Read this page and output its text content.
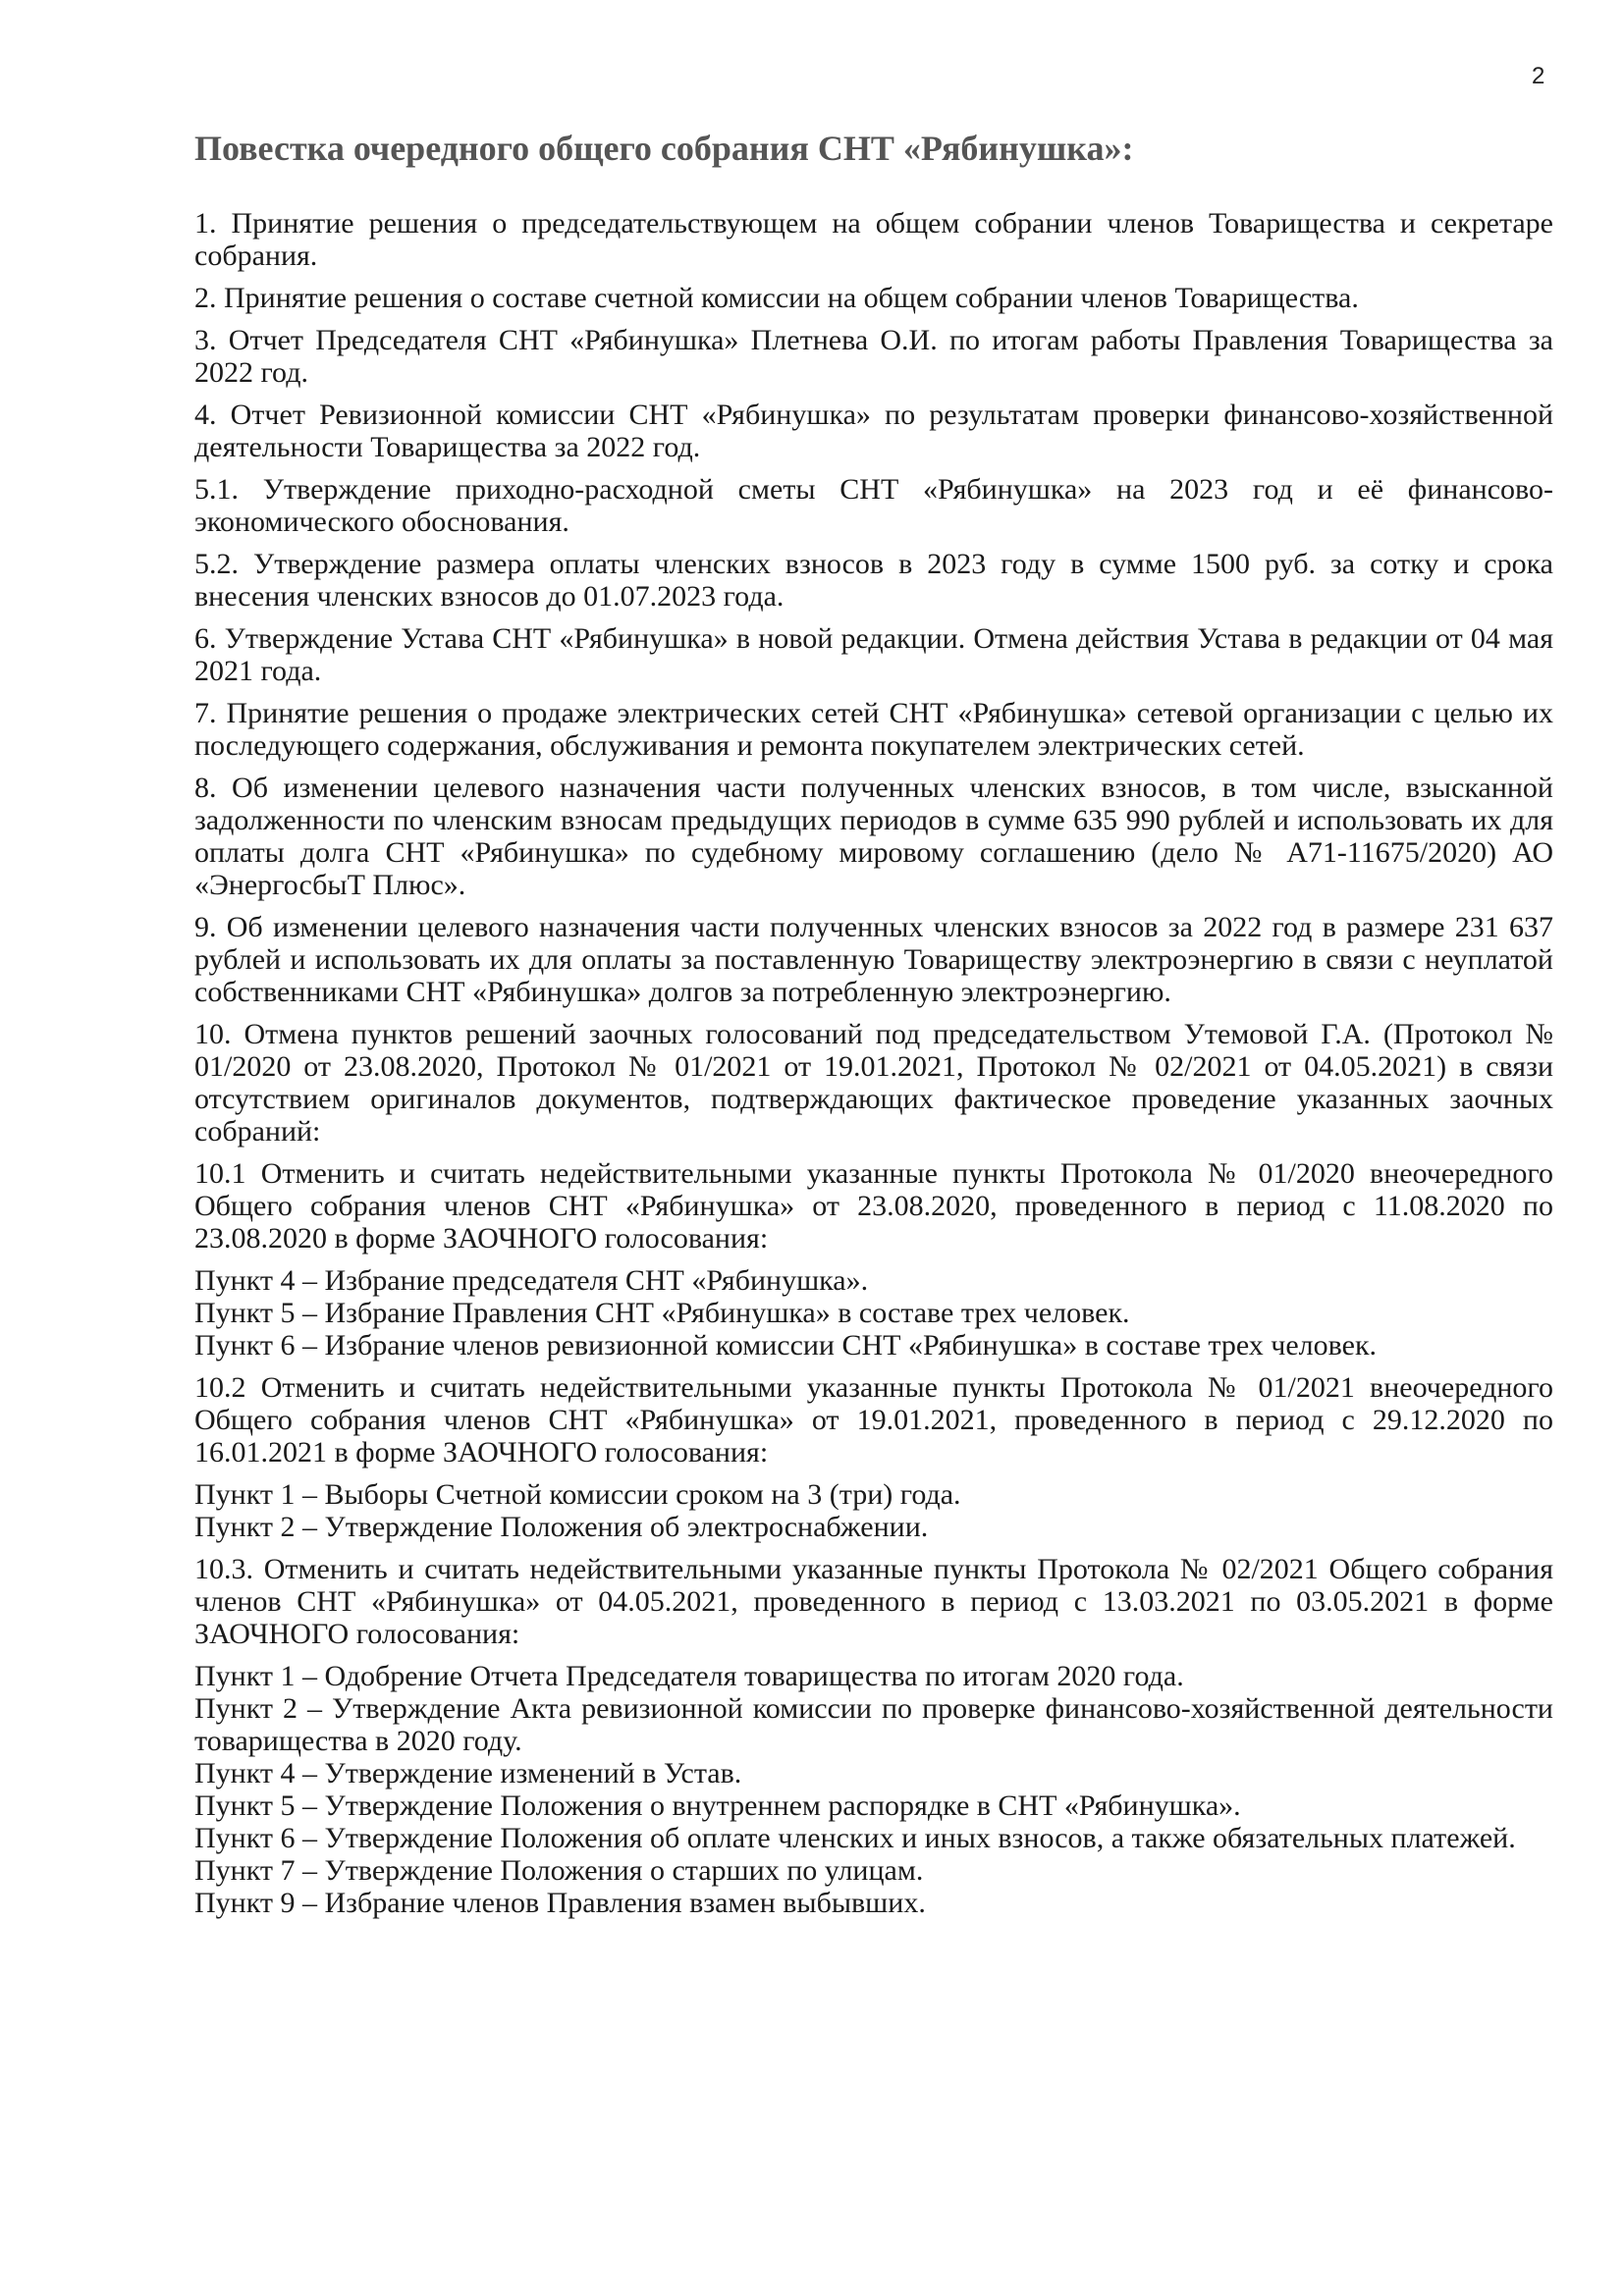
2
Повестка очередного общего собрания СНТ «Рябинушка»:

1. Принятие решения о председательствующем на общем собрании членов Товарищества и секретаре собрания.

2. Принятие решения о составе счетной комиссии на общем собрании членов Товарищества.

3. Отчет Председателя СНТ «Рябинушка» Плетнева О.И. по итогам работы Правления Товарищества за 2022 год.

4. Отчет Ревизионной комиссии СНТ «Рябинушка» по результатам проверки финансово-хозяйственной деятельности Товарищества за 2022 год.

5.1. Утверждение приходно-расходной сметы СНТ «Рябинушка» на 2023 год и её финансово-экономического обоснования.

5.2. Утверждение размера оплаты членских взносов в 2023 году в сумме 1500 руб. за сотку и срока внесения членских взносов до 01.07.2023 года.

6. Утверждение Устава СНТ «Рябинушка» в новой редакции. Отмена действия Устава в редакции от 04 мая 2021 года.

7. Принятие решения о продаже электрических сетей СНТ «Рябинушка» сетевой организации с целью их последующего содержания, обслуживания и ремонта покупателем электрических сетей.

8. Об изменении целевого назначения части полученных членских взносов, в том числе, взысканной задолженности по членским взносам предыдущих периодов в сумме 635 990 рублей и использовать их для оплаты долга СНТ «Рябинушка» по судебному мировому соглашению (дело № А71-11675/2020) АО «ЭнергосбыТ Плюс».

9. Об изменении целевого назначения части полученных членских взносов за 2022 год в размере 231 637 рублей и использовать их для оплаты за поставленную Товариществу электроэнергию в связи с неуплатой собственниками СНТ «Рябинушка» долгов за потребленную электроэнергию.

10. Отмена пунктов решений заочных голосований под председательством Утемовой Г.А. (Протокол № 01/2020 от 23.08.2020, Протокол № 01/2021 от 19.01.2021, Протокол № 02/2021 от 04.05.2021) в связи отсутствием оригиналов документов, подтверждающих фактическое проведение указанных заочных собраний:

10.1 Отменить и считать недействительными указанные пункты Протокола № 01/2020 внеочередного Общего собрания членов СНТ «Рябинушка» от 23.08.2020, проведенного в период с 11.08.2020 по 23.08.2020 в форме ЗАОЧНОГО голосования:

Пункт 4 – Избрание председателя СНТ «Рябинушка».

Пункт 5 – Избрание Правления СНТ «Рябинушка» в составе трех человек.

Пункт 6 – Избрание членов ревизионной комиссии СНТ «Рябинушка» в составе трех человек.

10.2 Отменить и считать недействительными указанные пункты Протокола № 01/2021 внеочередного Общего собрания членов СНТ «Рябинушка» от 19.01.2021, проведенного в период с 29.12.2020 по 16.01.2021 в форме ЗАОЧНОГО голосования:

Пункт 1 – Выборы Счетной комиссии сроком на 3 (три) года.

Пункт 2 – Утверждение Положения об электроснабжении.

10.3. Отменить и считать недействительными указанные пункты Протокола № 02/2021 Общего собрания членов СНТ «Рябинушка» от 04.05.2021, проведенного в период с 13.03.2021 по 03.05.2021 в форме ЗАОЧНОГО голосования:

Пункт 1 – Одобрение Отчета Председателя товарищества по итогам 2020 года.

Пункт 2 – Утверждение Акта ревизионной комиссии по проверке финансово-хозяйственной деятельности товарищества в 2020 году.

Пункт 4 – Утверждение изменений в Устав.

Пункт 5 – Утверждение Положения о внутреннем распорядке в СНТ «Рябинушка».

Пункт 6 – Утверждение Положения об оплате членских и иных взносов, а также обязательных платежей.

Пункт 7 – Утверждение Положения о старших по улицам.

Пункт 9 – Избрание членов Правления взамен выбывших.
